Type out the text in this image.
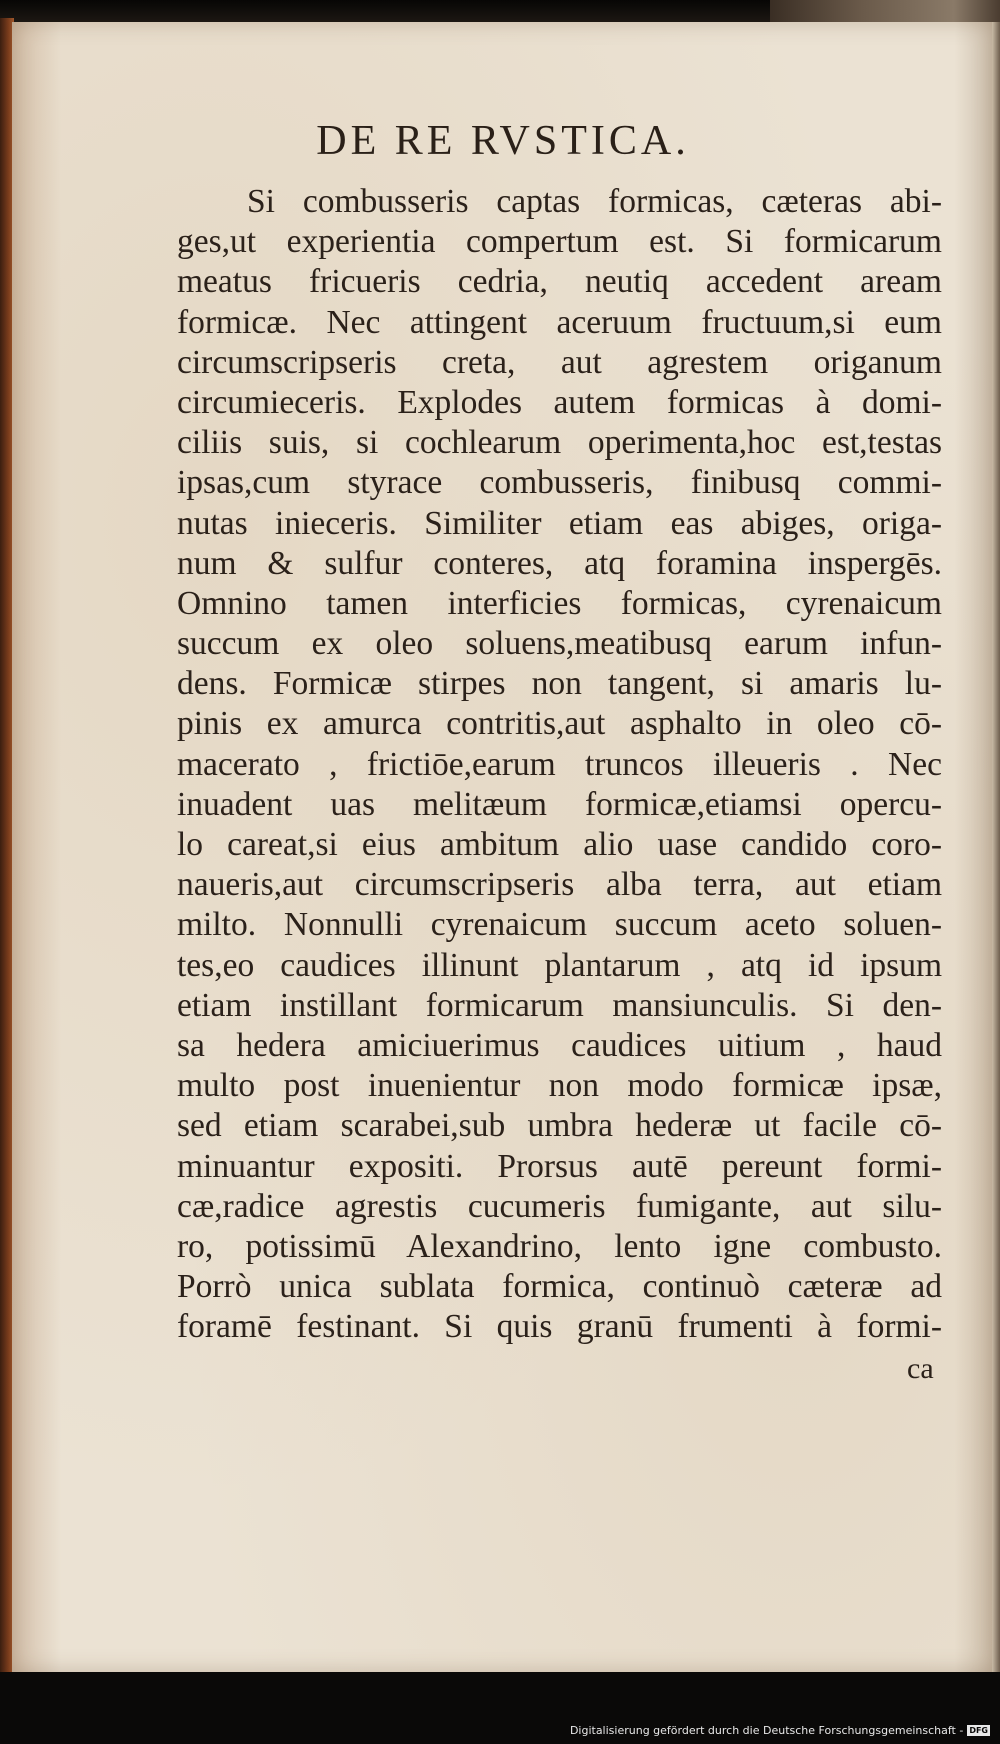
DE RE RVSTICA.
Si combusseris captas formicas, cæteras abi-
ges,ut experientia compertum est. Si formicarum
meatus fricueris cedria, neutiq accedent aream
formicæ. Nec attingent aceruum fructuum,si eum
circumscripseris creta, aut agrestem origanum
circumieceris. Explodes autem formicas à domi-
ciliis suis, si cochlearum operimenta,hoc est,testas
ipsas,cum styrace combusseris, finibusq commi-
nutas inieceris. Similiter etiam eas abiges, origa-
num & sulfur conteres, atq foramina inspergēs.
Omnino tamen interficies formicas, cyrenaicum
succum ex oleo soluens,meatibusq earum infun-
dens. Formicæ stirpes non tangent, si amaris lu-
pinis ex amurca contritis,aut asphalto in oleo cō-
macerato , frictiōe,earum truncos illeueris . Nec
inuadent uas melitæum formicæ,etiamsi opercu-
lo careat,si eius ambitum alio uase candido coro-
naueris,aut circumscripseris alba terra, aut etiam
milto. Nonnulli cyrenaicum succum aceto soluen-
tes,eo caudices illinunt plantarum , atq id ipsum
etiam instillant formicarum mansiunculis. Si den-
sa hedera amiciuerimus caudices uitium , haud
multo post inuenientur non modo formicæ ipsæ,
sed etiam scarabei,sub umbra hederæ ut facile cō-
minuantur expositi. Prorsus autē pereunt formi-
cæ,radice agrestis cucumeris fumigante, aut silu-
ro, potissimū Alexandrino, lento igne combusto.
Porrò unica sublata formica, continuò cæteræ ad
foramē festinant. Si quis granū frumenti à formi-
ca
Digitalisierung gefördert durch die Deutsche Forschungsgemeinschaft - DFG
